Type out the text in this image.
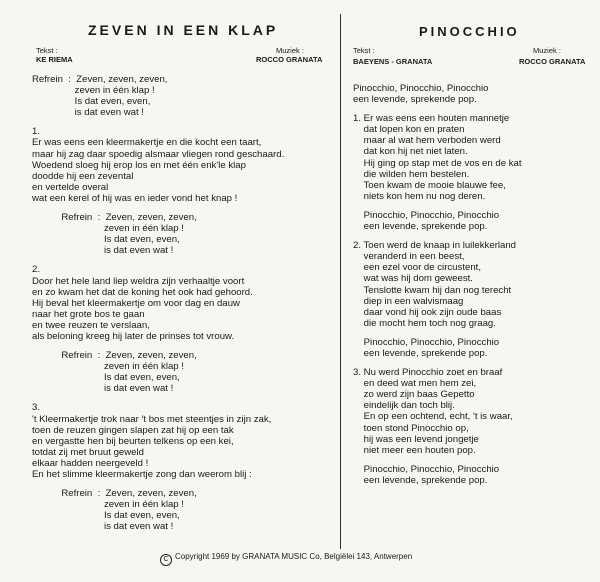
ZEVEN IN EEN KLAP
Tekst :
KE RIEMA
Muziek :
ROCCO GRANATA
Refrein  :  Zeven, zeven, zeven,
zeven in één klap !
Is dat even, even,
is dat even wat !
1.
Er was eens een kleermakertje en die kocht een taart,
maar hij zag daar spoedig alsmaar vliegen rond geschaard.
Woedend sloeg hij erop los en met één enk'le klap
doodde hij een zevental
en vertelde overal
wat een kerel of hij was en ieder vond het knap !
Refrein  :  Zeven, zeven, zeven,
zeven in één klap !
Is dat even, even,
is dat even wat !
2.
Door het hele land liep weldra zijn verhaaltje voort
en zo kwam het dat de koning het ook had gehoord.
Hij beval het kleermakertje om voor dag en dauw
naar het grote bos te gaan
en twee reuzen te verslaan,
als beloning kreeg hij later de prinses tot vrouw.
Refrein  :  Zeven, zeven, zeven,
zeven in één klap !
Is dat even, even,
is dat even wat !
3.
't Kleermakertje trok naar 't bos met steentjes in zijn zak,
toen de reuzen gingen slapen zat hij op een tak
en vergastte hen bij beurten telkens op een kei,
totdat zij met bruut geweld
elkaar hadden neergeveld !
En het slimme kleermakertje zong dan weerom blij :
Refrein  :  Zeven, zeven, zeven,
zeven in één klap !
Is dat even, even,
is dat even wat !
PINOCCHIO
Tekst :
BAEYENS - GRANATA
Muziek :
ROCCO GRANATA
Pinocchio, Pinocchio, Pinocchio
een levende, sprekende pop.
1. Er was eens een houten mannetje
dat lopen kon en praten
maar al wat hem verboden werd
dat kon hij net niet laten.
Hij ging op stap met de vos en de kat
die wilden hem bestelen.
Toen kwam de mooie blauwe fee,
niets kon hem nu nog deren.
Pinocchio, Pinocchio, Pinocchio
een levende, sprekende pop.
2. Toen werd de knaap in luilekkerland
veranderd in een beest,
een ezel voor de circustent,
wat was hij dom geweest.
Tenslotte kwam hij dan nog terecht
diep in een walvismaag
daar vond hij ook zijn oude baas
die mocht hem toch nog graag.
Pinocchio, Pinocchio, Pinocchio
een levende, sprekende pop.
3. Nu werd Pinocchio zoet en braaf
en deed wat men hem zei,
zo werd zijn baas Gepetto
eindelijk dan toch blij.
En op een ochtend, echt, 't is waar,
toen stond Pinocchio op,
hij was een levend jongetje
niet meer een houten pop.
Pinocchio, Pinocchio, Pinocchio
een levende, sprekende pop.
C Copyright 1969 by GRANATA MUSIC Co, Belgiëlei 143, Antwerpen
